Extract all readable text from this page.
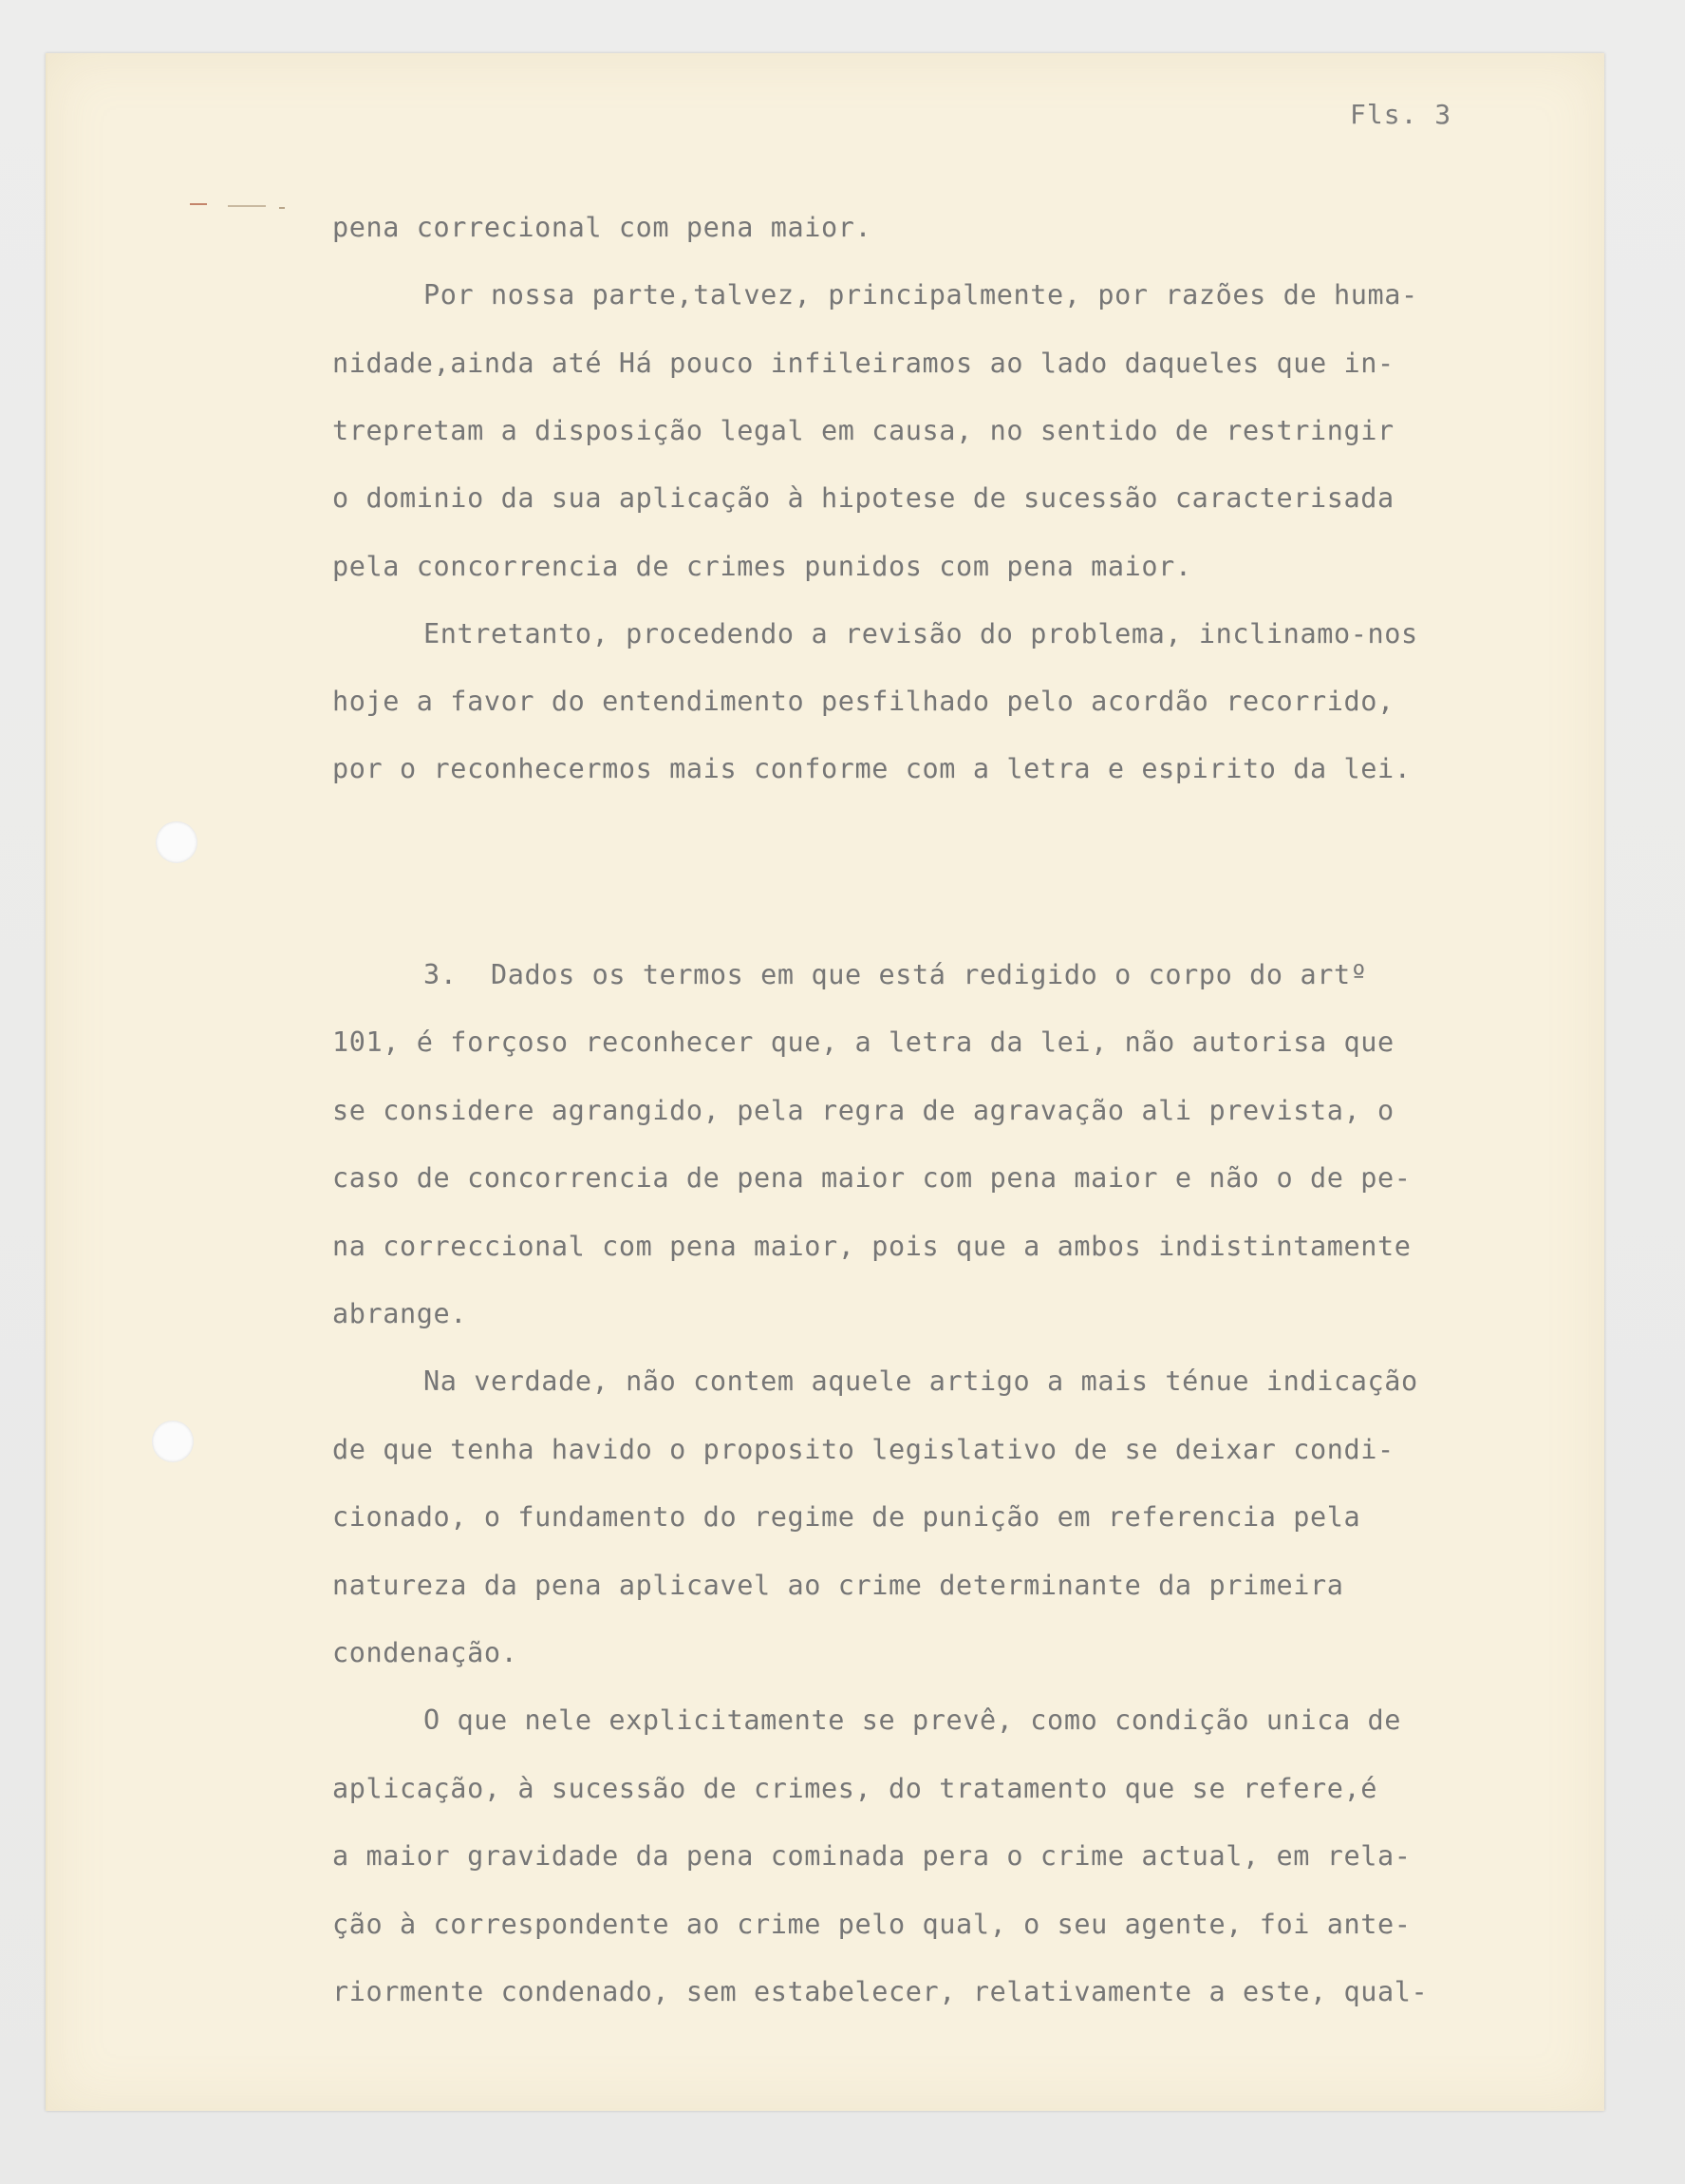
Fls. 3
pena correcional com pena maior.
Por nossa parte,talvez, principalmente, por razões de huma-
nidade,ainda até Há pouco infileiramos ao lado daqueles que in-
trepretam a disposição legal em causa, no sentido de restringir
o dominio da sua aplicação à hipotese de sucessão caracterisada
pela concorrencia de crimes punidos com pena maior.
Entretanto, procedendo a revisão do problema, inclinamo-nos
hoje a favor do entendimento pesfilhado pelo acordão recorrido,
por o reconhecermos mais conforme com a letra e espirito da lei.
3.  Dados os termos em que está redigido o corpo do artº
101, é forçoso reconhecer que, a letra da lei, não autorisa que
se considere agrangido, pela regra de agravação ali prevista, o
caso de concorrencia de pena maior com pena maior e não o de pe-
na correccional com pena maior, pois que a ambos indistintamente
abrange.
Na verdade, não contem aquele artigo a mais ténue indicação
de que tenha havido o proposito legislativo de se deixar condi-
cionado, o fundamento do regime de punição em referencia pela
natureza da pena aplicavel ao crime determinante da primeira
condenação.
O que nele explicitamente se prevê, como condição unica de
aplicação, à sucessão de crimes, do tratamento que se refere,é
a maior gravidade da pena cominada pera o crime actual, em rela-
ção à correspondente ao crime pelo qual, o seu agente, foi ante-
riormente condenado, sem estabelecer, relativamente a este, qual-
